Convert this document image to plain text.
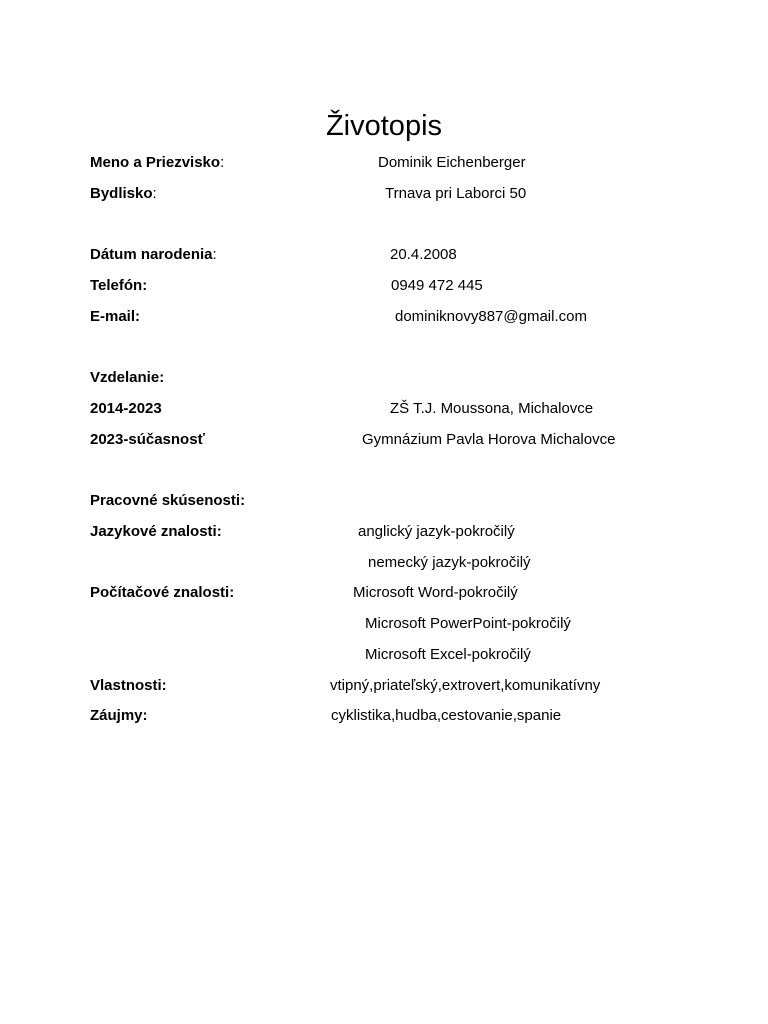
Životopis
Meno a Priezvisko:	Dominik Eichenberger
Bydlisko:	Trnava pri Laborci 50
Dátum narodenia:	20.4.2008
Telefón:	0949 472 445
E-mail:	dominiknovy887@gmail.com
Vzdelanie:
2014-2023	ZŠ T.J. Moussona, Michalovce
2023-súčasnosť	Gymnázium Pavla Horova Michalovce
Pracovné skúsenosti:
Jazykové znalosti:	anglický jazyk-pokročilý
nemecký jazyk-pokročilý
Počítačové znalosti:	Microsoft Word-pokročilý
Microsoft PowerPoint-pokročilý
Microsoft Excel-pokročilý
Vlastnosti:	vtipný,priateľský,extrovert,komunikatívny
Záujmy:	cyklistika,hudba,cestovanie,spanie
